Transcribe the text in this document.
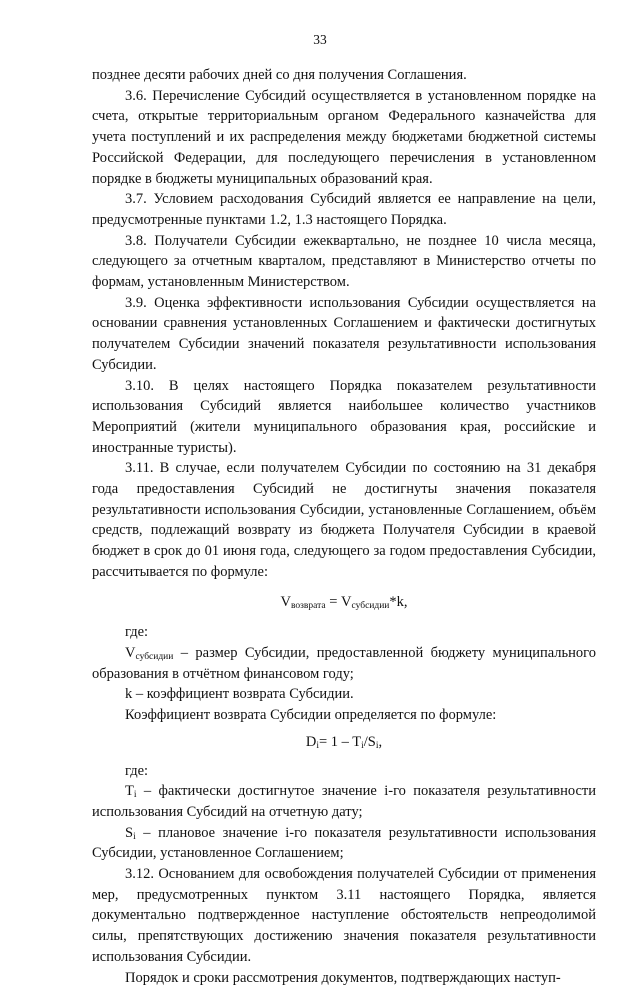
33

позднее десяти рабочих дней со дня получения Соглашения.

3.6. Перечисление Субсидий осуществляется в установленном порядке на счета, открытые территориальным органом Федерального казначейства для учета поступлений и их распределения между бюджетами бюджетной системы Российской Федерации, для последующего перечисления в установленном порядке в бюджеты муниципальных образований края.

3.7. Условием расходования Субсидий является ее направление на цели, предусмотренные пунктами 1.2, 1.3 настоящего Порядка.

3.8. Получатели Субсидии ежеквартально, не позднее 10 числа месяца, следующего за отчетным кварталом, представляют в Министерство отчеты по формам, установленным Министерством.

3.9. Оценка эффективности использования Субсидии осуществляется на основании сравнения установленных Соглашением и фактически достигнутых получателем Субсидии значений показателя результативности использования Субсидии.

3.10. В целях настоящего Порядка показателем результативности использования Субсидий является наибольшее количество участников Мероприятий (жители муниципального образования края, российские и иностранные туристы).

3.11. В случае, если получателем Субсидии по состоянию на 31 декабря года предоставления Субсидий не достигнуты значения показателя результативности использования Субсидии, установленные Соглашением, объём средств, подлежащий возврату из бюджета Получателя Субсидии в краевой бюджет в срок до 01 июня года, следующего за годом предоставления Субсидии, рассчитывается по формуле:

$V_{возврата} = V_{субсидии}*k$,

где:

$V_{субсидии}$ – размер Субсидии, предоставленной бюджету муниципального образования в отчётном финансовом году;

k – коэффициент возврата Субсидии.

Коэффициент возврата Субсидии определяется по формуле:

$D_i= 1 - T_i/S_i$,

где:

$T_i$ – фактически достигнутое значение i-го показателя результативности использования Субсидий на отчетную дату;

$S_i$ – плановое значение i-го показателя результативности использования Субсидии, установленное Соглашением;

3.12. Основанием для освобождения получателей Субсидии от применения мер, предусмотренных пунктом 3.11 настоящего Порядка, является документально подтвержденное наступление обстоятельств непреодолимой силы, препятствующих достижению значения показателя результативности использования Субсидии.

Порядок и сроки рассмотрения документов, подтверждающих наступ-
